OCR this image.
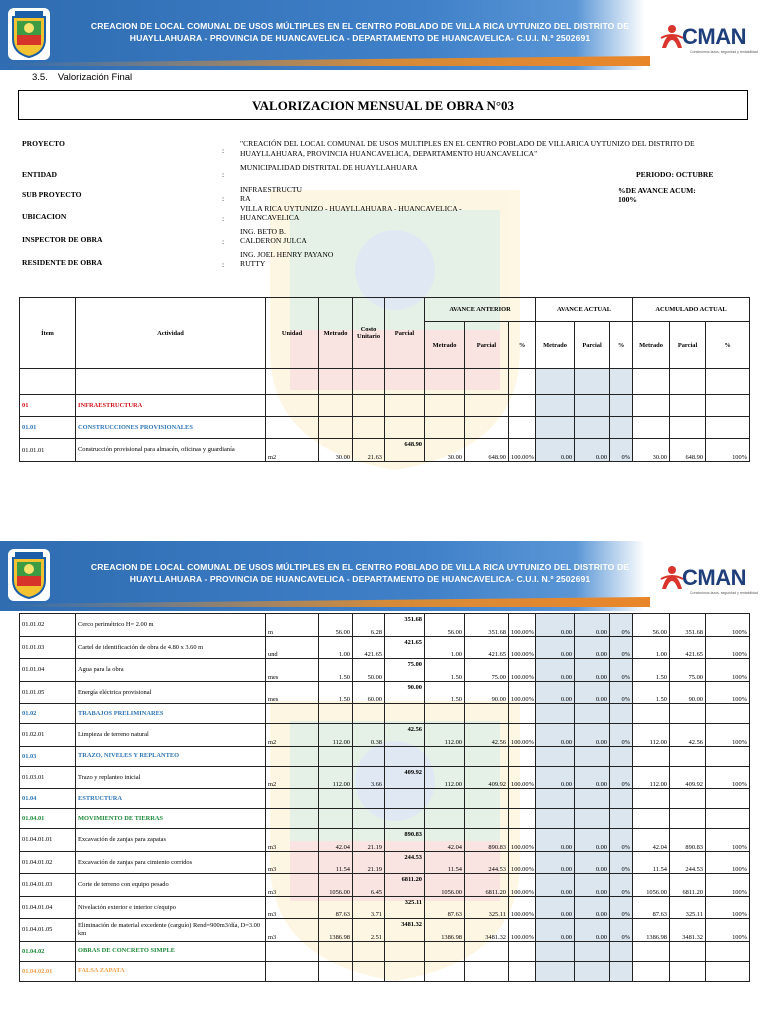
CREACION DE LOCAL COMUNAL DE USOS MÚLTIPLES EN EL CENTRO POBLADO DE VILLA RICA UYTUNIZO DEL DISTRITO DE
HUAYLLAHUARA - PROVINCIA DE HUANCAVELICA - DEPARTAMENTO DE HUANCAVELICA- C.U.I. N.º 2502691	CMAN
Construimos lazos, seguridad y rentabilidad
3.5. Valorización Final
VALORIZACION MENSUAL DE OBRA N°03
PROYECTO
:
"CREACIÓN DEL LOCAL COMUNAL DE USOS MULTIPLES EN EL CENTRO POBLADO DE VILLARICA UYTUNIZO DEL DISTRITO DE HUAYLLAHUARA, PROVINCIA HUANCAVELICA, DEPARTAMENTO HUANCAVELICA"
ENTIDAD	:
MUNICIPALIDAD DISTRITAL DE HUAYLLAHUARA
PERIODO: OCTUBRE
SUB PROYECTO	:
INFRAESTRUCTU
RA
%DE AVANCE ACUM:
100%
UBICACION	:
VILLA RICA UYTUNIZO - HUAYLLAHUARA - HUANCAVELICA - HUANCAVELICA
INSPECTOR DE OBRA	:
ING. BETO B. CALDERON JULCA
RESIDENTE DE OBRA	:
ING. JOEL HENRY PAYANO RUTTY
Ítem	Actividad	Unidad	Metrado	Costo Unitario	Parcial	AVANCE ANTERIOR			AVANCE ACTUAL			ACUMULADO ACTUAL		
						Metrado	Parcial	%	Metrado	Parcial	%	Metrado	Parcial	%

01	INFRAESTRUCTURA													
01.01	CONSTRUCCIONES PROVISIONALES													
01.01.01	Construcción provisional para almacén, oficinas y guardianía	m2	30.00	21.63	648.90	30.00	648.90	100.00%	0.00	0.00	0%	30.00	648.90	100%
CREACION DE LOCAL COMUNAL DE USOS MÚLTIPLES EN EL CENTRO POBLADO DE VILLA RICA UYTUNIZO DEL DISTRITO DE
HUAYLLAHUARA - PROVINCIA DE HUANCAVELICA - DEPARTAMENTO DE HUANCAVELICA- C.U.I. N.º 2502691	CMAN
Construimos lazos, seguridad y rentabilidad
01.01.02	Cerco perimétrico H= 2.00 m	m	56.00	6.28	351.68	56.00	351.68	100.00%	0.00	0.00	0%	56.00	351.68	100%
01.01.03	Cartel de identificación de obra de 4.80 x 3.60 m	und	1.00	421.65	421.65	1.00	421.65	100.00%	0.00	0.00	0%	1.00	421.65	100%
01.01.04	Agua para la obra	mes	1.50	50.00	75.00	1.50	75.00	100.00%	0.00	0.00	0%	1.50	75.00	100%
01.01.05	Energía eléctrica provisional	mes	1.50	60.00	90.00	1.50	90.00	100.00%	0.00	0.00	0%	1.50	90.00	100%
01.02	TRABAJOS PRELIMINARES													
01.02.01	Limpieza de terreno natural	m2	112.00	0.38	42.56	112.00	42.56	100.00%	0.00	0.00	0%	112.00	42.56	100%
01.03	TRAZO, NIVELES Y REPLANTEO													
01.03.01	Trazo y replanteo inicial	m2	112.00	3.66	409.92	112.00	409.92	100.00%	0.00	0.00	0%	112.00	409.92	100%
01.04	ESTRUCTURA													
01.04.01	MOVIMIENTO DE TIERRAS													
01.04.01.01	Excavación de zanjas para zapatas	m3	42.04	21.19	890.83	42.04	890.83	100.00%	0.00	0.00	0%	42.04	890.83	100%
01.04.01.02	Excavación de zanjas para cimiento corridos	m3	11.54	21.19	244.53	11.54	244.53	100.00%	0.00	0.00	0%	11.54	244.53	100%
01.04.01.03	Corte de terreno con equipo pesado	m3	1056.00	6.45	6811.20	1056.00	6811.20	100.00%	0.00	0.00	0%	1056.00	6811.20	100%
01.04.01.04	Nivelación exterior e interior c/equipo	m3	87.63	3.71	325.11	87.63	325.11	100.00%	0.00	0.00	0%	87.63	325.11	100%
01.04.01.05	Eliminación de material excedente (carguío) Rend=900m3/día, D=3.00 km	m3	1386.98	2.51	3481.32	1386.98	3481.32	100.00%	0.00	0.00	0%	1386.98	3481.32	100%
01.04.02	OBRAS DE CONCRETO SIMPLE													
01.04.02.01	FALSA ZAPATA													
